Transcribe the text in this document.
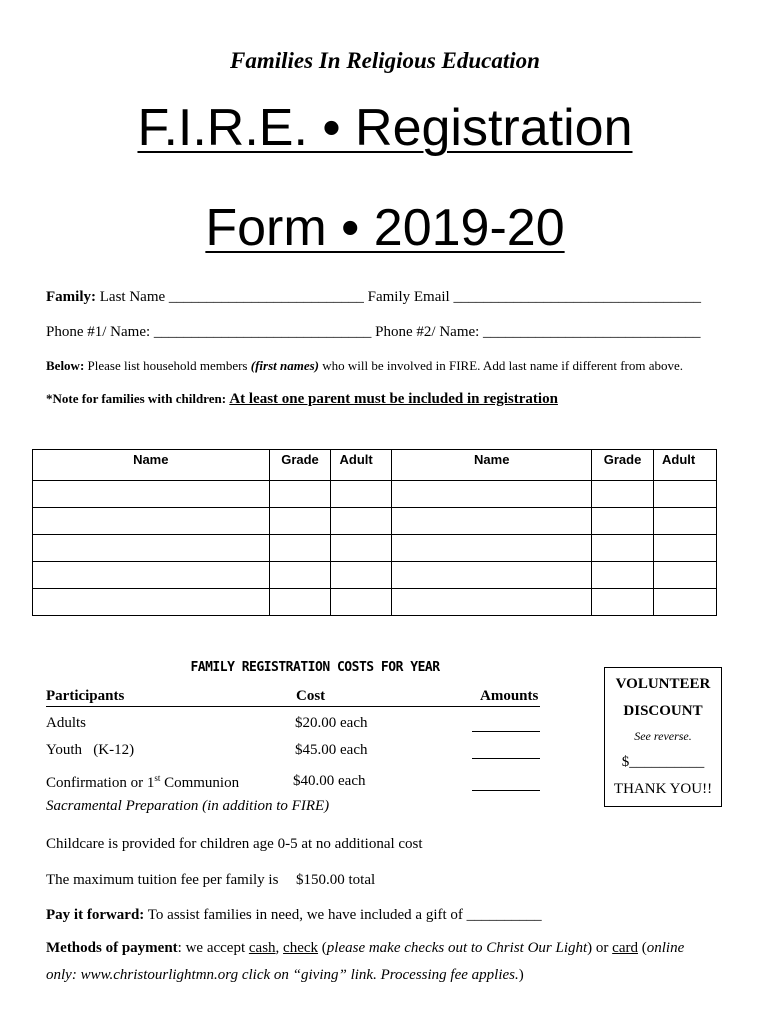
Families In Religious Education
F.I.R.E. • Registration
Form • 2019-20
Family: Last Name __________________________ Family Email _________________________________
Phone #1/ Name: _____________________________ Phone #2/ Name: _____________________________
Below: Please list household members (first names) who will be involved in FIRE. Add last name if different from above.
*Note for families with children: At least one parent must be included in registration
Name	Grade	Adult	Name	Grade	Adult

FAMILY REGISTRATION COSTS FOR YEAR
Participants	Cost	Amounts
Adults	$20.00 each
Youth   (K-12)	$45.00 each
Confirmation or 1st Communion	$40.00 each
Sacramental Preparation (in addition to FIRE)
Childcare is provided for children age 0-5 at no additional cost
The maximum tuition fee per family is $150.00 total
VOLUNTEER
DISCOUNT
See reverse.
$__________
THANK YOU!!
Pay it forward: To assist families in need, we have included a gift of __________
Methods of payment: we accept cash, check (please make checks out to Christ Our Light) or card (online only: www.christourlightmn.org click on “giving” link. Processing fee applies.)
